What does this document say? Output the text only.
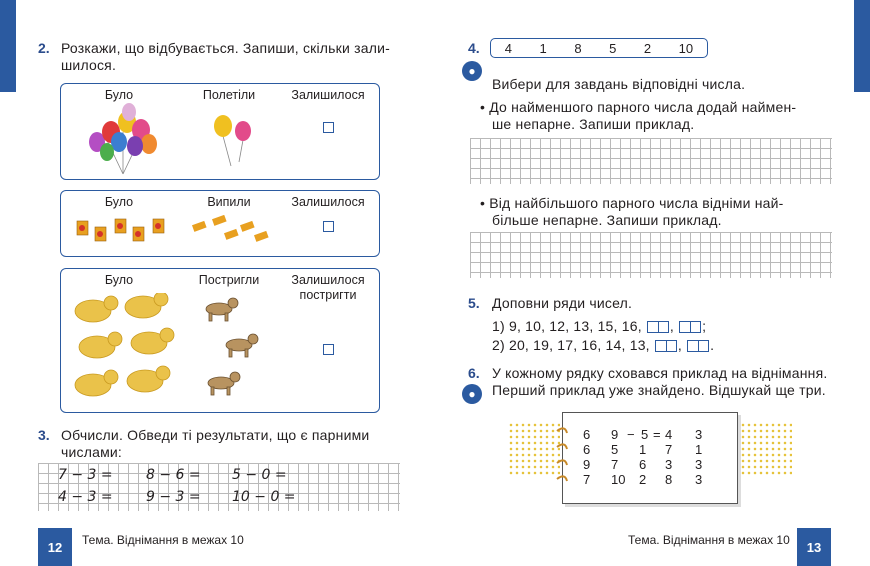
2. Розкажи, що відбувається. Запиши, скільки зали-
шилося.
Було	Полетіли	Залишилося
Було	Випили	Залишилося
Було	Постригли	Залишилося
постригти
3. Обчисли. Обведи ті результати, що є парними
числами:
7 − 3 = 8 − 6 = 5 − 0 =
4 − 3 = 9 − 3 = 10 − 0 =
12	Тема. Віднімання в межах 10
4. 4 1 8 5 2 10
●
Вибери для завдань відповідні числа.
• До найменшого парного числа додай наймен-
ше непарне. Запиши приклад.
• Від найбільшого парного числа відніми най-
більше непарне. Запиши приклад.
5. Доповни ряди чисел.
1) 9, 10, 12, 13, 15, 16, , ;
2) 20, 19, 17, 16, 14, 13, , .
6.
●
У кожному рядку сховався приклад на віднімання.
Перший приклад уже знайдено. Відшукай ще три.
6	9 − 5 = 4	3
6	5	1	7	1
9	7	6	3	3
7	10	2	8	3
Тема. Віднімання в межах 10	13
